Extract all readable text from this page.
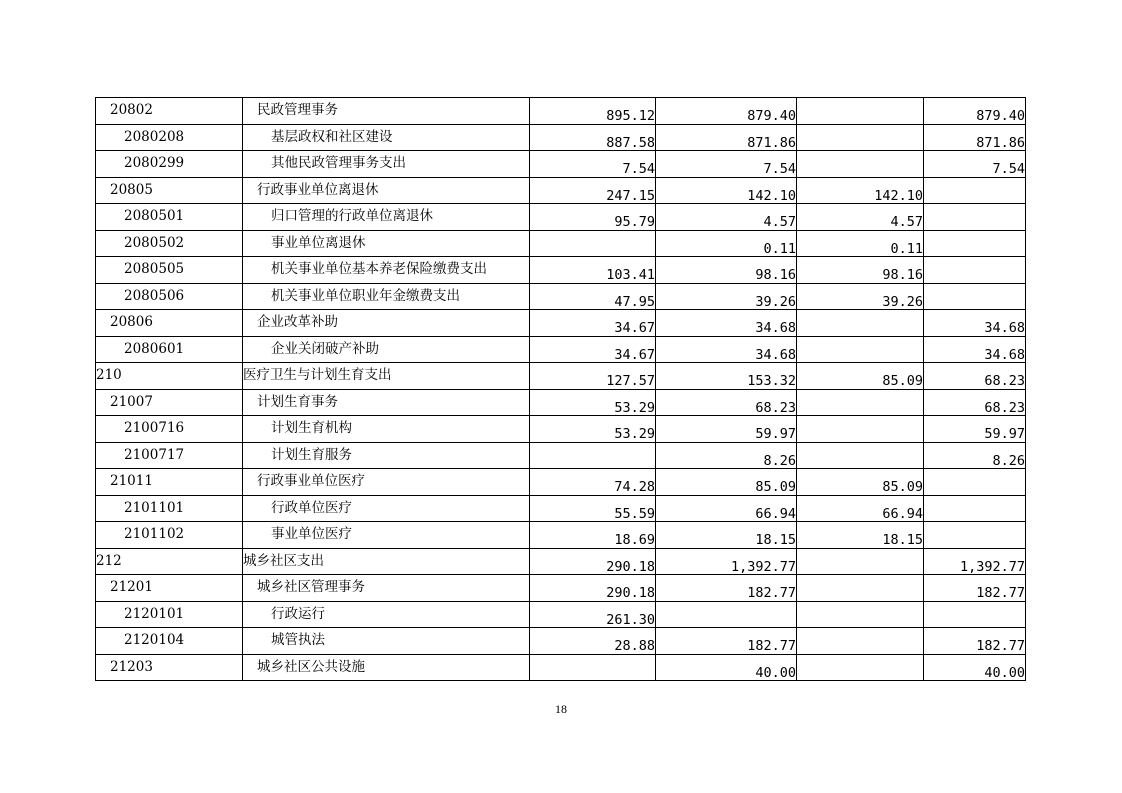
20802	民政管理事务	895.12	879.40		879.40
2080208	基层政权和社区建设	887.58	871.86		871.86
2080299	其他民政管理事务支出	7.54	7.54		7.54
20805	行政事业单位离退休	247.15	142.10	142.10	
2080501	归口管理的行政单位离退休	95.79	4.57	4.57	
2080502	事业单位离退休		0.11	0.11	
2080505	机关事业单位基本养老保险缴费支出	103.41	98.16	98.16	
2080506	机关事业单位职业年金缴费支出	47.95	39.26	39.26	
20806	企业改革补助	34.67	34.68		34.68
2080601	企业关闭破产补助	34.67	34.68		34.68
210	医疗卫生与计划生育支出	127.57	153.32	85.09	68.23
21007	计划生育事务	53.29	68.23		68.23
2100716	计划生育机构	53.29	59.97		59.97
2100717	计划生育服务		8.26		8.26
21011	行政事业单位医疗	74.28	85.09	85.09	
2101101	行政单位医疗	55.59	66.94	66.94	
2101102	事业单位医疗	18.69	18.15	18.15	
212	城乡社区支出	290.18	1,392.77		1,392.77
21201	城乡社区管理事务	290.18	182.77		182.77
2120101	行政运行	261.30			
2120104	城管执法	28.88	182.77		182.77
21203	城乡社区公共设施		40.00		40.00
18
